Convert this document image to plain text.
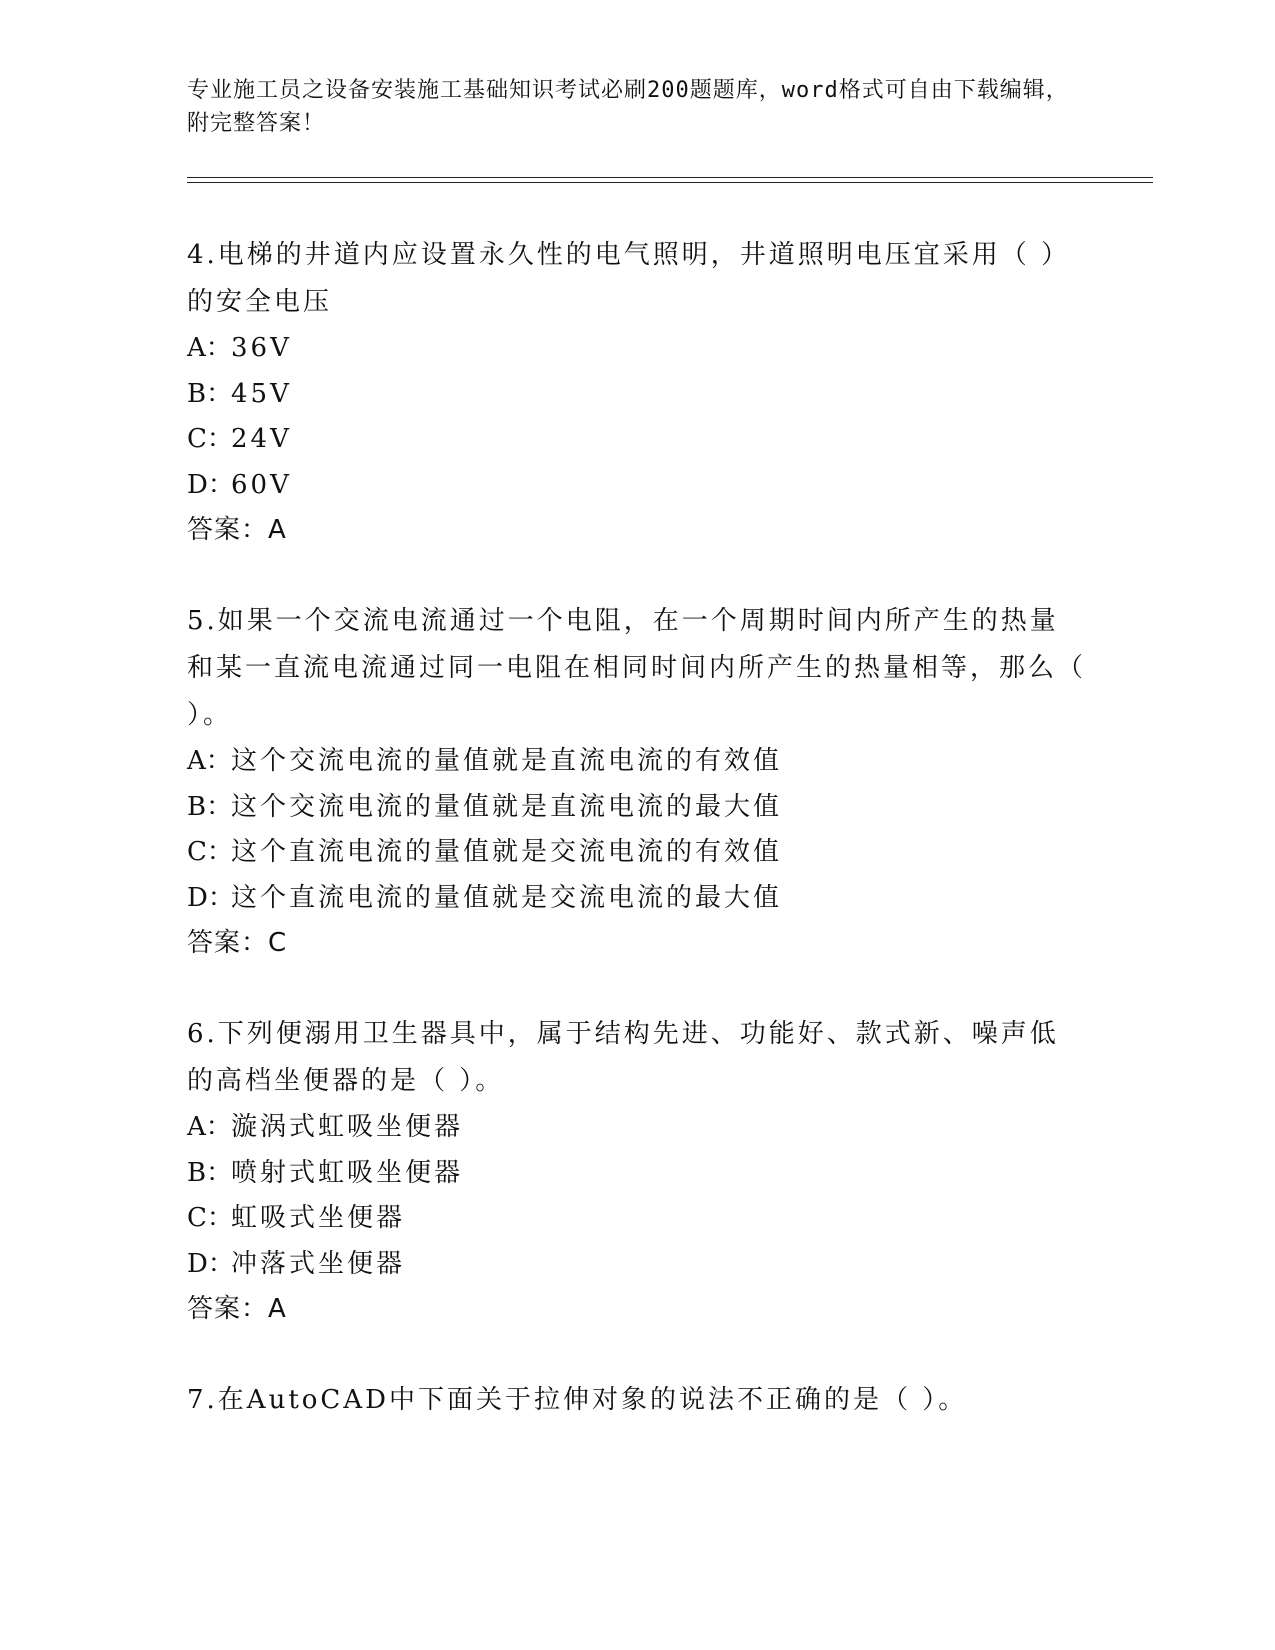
专业施工员之设备安装施工基础知识考试必刷200题题库，word格式可自由下载编辑，附完整答案！

4.电梯的井道内应设置永久性的电气照明，井道照明电压宜采用（ ）的安全电压

A：36V

B：45V

C：24V

D：60V

答案：A

5.如果一个交流电流通过一个电阻，在一个周期时间内所产生的热量和某一直流电流通过同一电阻在相同时间内所产生的热量相等，那么（ ）。

A：这个交流电流的量值就是直流电流的有效值

B：这个交流电流的量值就是直流电流的最大值

C：这个直流电流的量值就是交流电流的有效值

D：这个直流电流的量值就是交流电流的最大值

答案：C

6.下列便溺用卫生器具中，属于结构先进、功能好、款式新、噪声低的高档坐便器的是（ ）。

A：漩涡式虹吸坐便器

B：喷射式虹吸坐便器

C：虹吸式坐便器

D：冲落式坐便器

答案：A

7.在AutoCAD中下面关于拉伸对象的说法不正确的是（ ）。
